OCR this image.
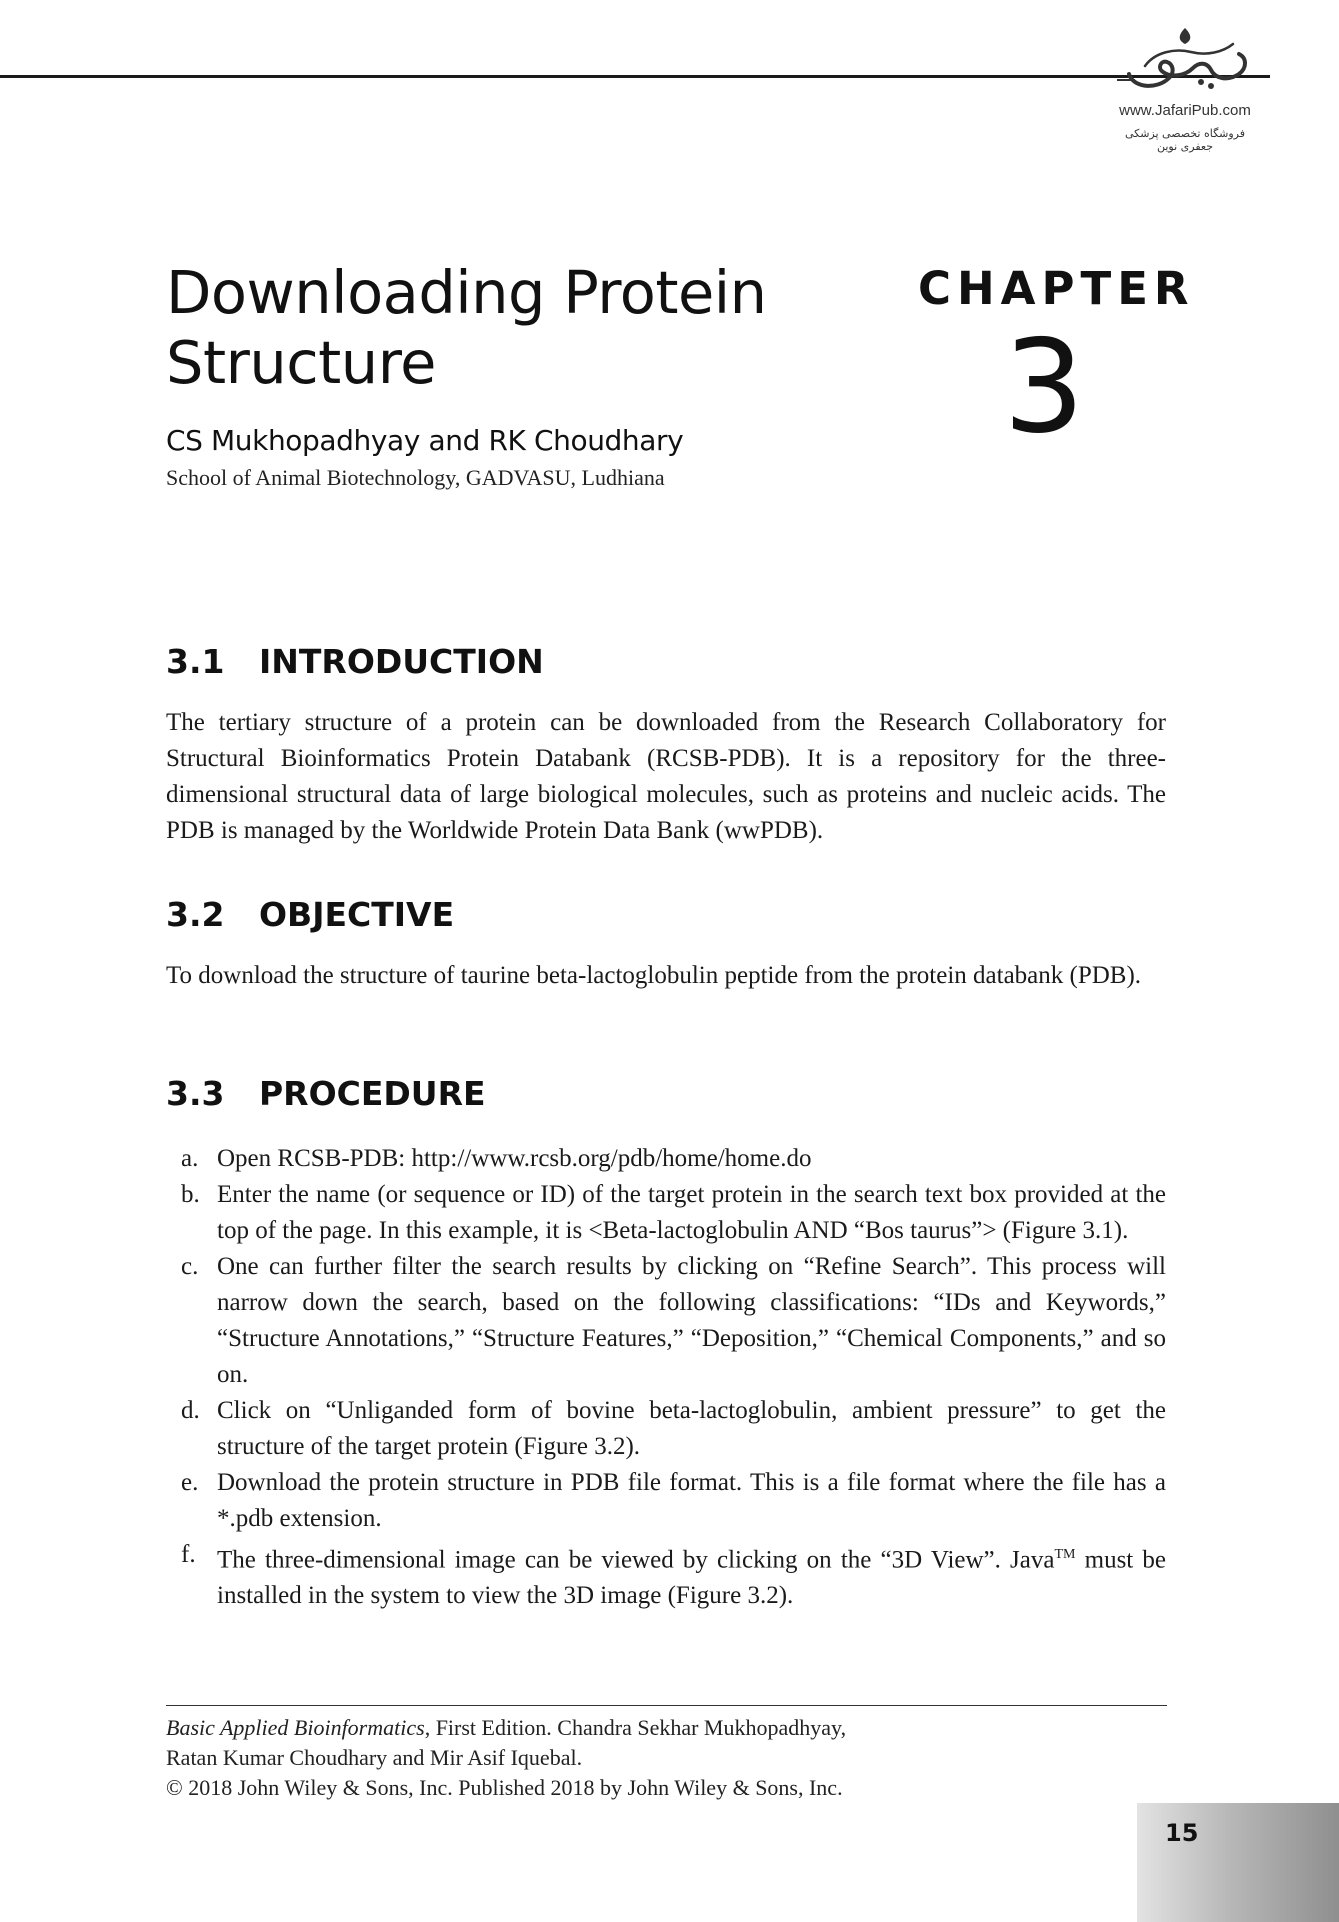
www.JafariPub.com
فروشگاه تخصصی پزشکی جعفری نوین
Downloading Protein
Structure
CS Mukhopadhyay and RK Choudhary
School of Animal Biotechnology, GADVASU, Ludhiana
CHAPTER
3
3.1 INTRODUCTION

The tertiary structure of a protein can be downloaded from the Research Collaboratory for Structural Bioinformatics Protein Databank (RCSB-PDB). It is a repository for the three-dimensional structural data of large biological molecules, such as proteins and nucleic acids. The PDB is managed by the Worldwide Protein Data Bank (wwPDB).

3.2 OBJECTIVE

To download the structure of taurine beta-lactoglobulin peptide from the protein databank (PDB).

3.3 PROCEDURE
a. Open RCSB-PDB: http://www.rcsb.org/pdb/home/home.do
b. Enter the name (or sequence or ID) of the target protein in the search text box provided at the top of the page. In this example, it is <Beta-lactoglobulin AND “Bos taurus”> (Figure 3.1).
c. One can further filter the search results by clicking on “Refine Search”. This process will narrow down the search, based on the following classifications: “IDs and Keywords,” “Structure Annotations,” “Structure Features,” “Deposition,” “Chemical Components,” and so on.
d. Click on “Unliganded form of bovine beta-lactoglobulin, ambient pressure” to get the structure of the target protein (Figure 3.2).
e. Download the protein structure in PDB file format. This is a file format where the file has a *.pdb extension.
f. The three-dimensional image can be viewed by clicking on the “3D View”. Java™ must be installed in the system to view the 3D image (Figure 3.2).

Basic Applied Bioinformatics, First Edition. Chandra Sekhar Mukhopadhyay,

Ratan Kumar Choudhary and Mir Asif Iquebal.

© 2018 John Wiley & Sons, Inc. Published 2018 by John Wiley & Sons, Inc.

15
